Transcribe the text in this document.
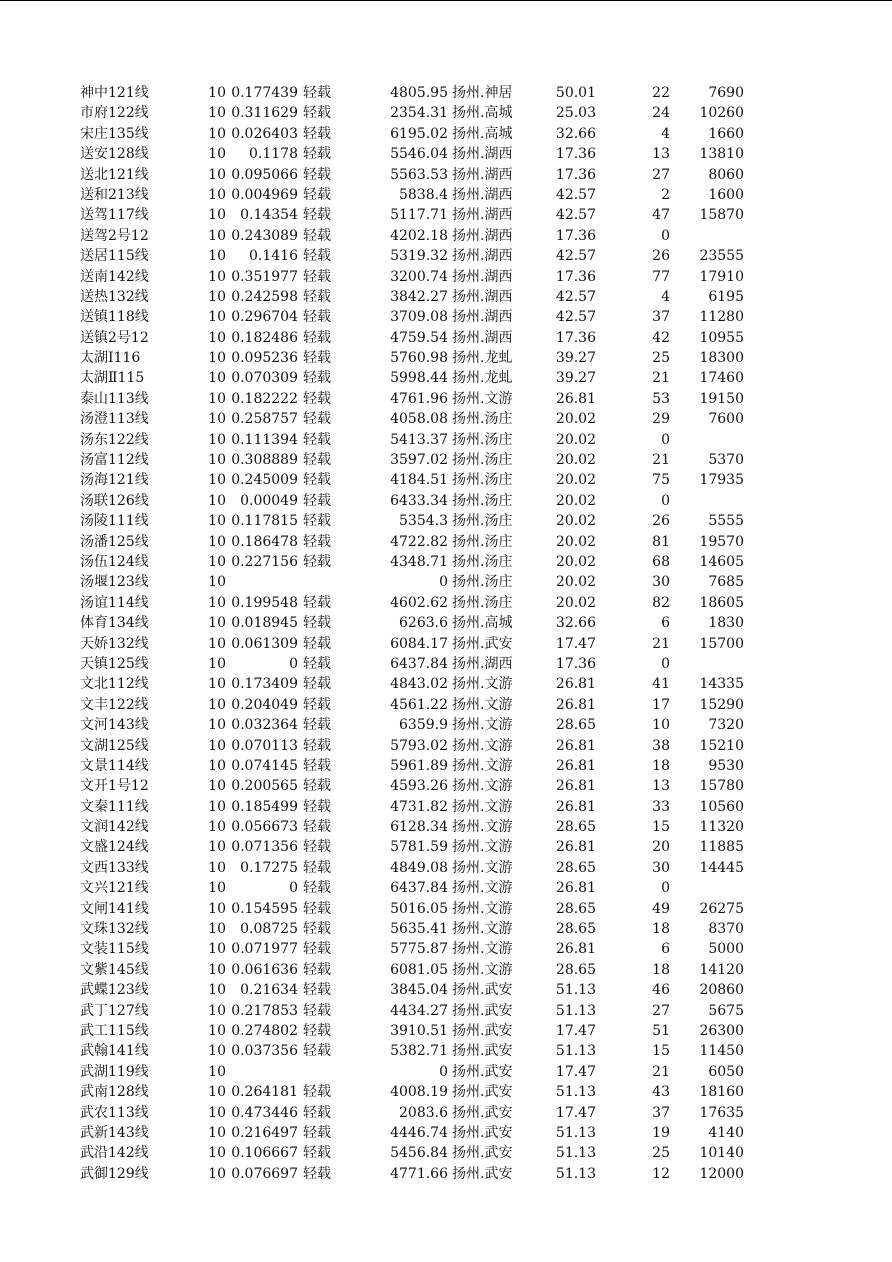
神中121线	10 0.177439 轻载	4805.95 扬州.神居	50.01	22	7690
市府122线	10 0.311629 轻载	2354.31 扬州.高城	25.03	24	10260
宋庄135线	10 0.026403 轻载	6195.02 扬州.高城	32.66	4	1660
送安128线	10	0.1178 轻载	5546.04 扬州.湖西	17.36	13	13810
送北121线	10 0.095066 轻载	5563.53 扬州.湖西	17.36	27	8060
送和213线	10 0.004969 轻载	5838.4 扬州.湖西	42.57	2	1600
送驾117线	10	0.14354 轻载	5117.71 扬州.湖西	42.57	47	15870
送驾2号12	10 0.243089 轻载	4202.18 扬州.湖西	17.36	0
送居115线	10	0.1416 轻载	5319.32 扬州.湖西	42.57	26	23555
送南142线	10 0.351977 轻载	3200.74 扬州.湖西	17.36	77	17910
送热132线	10 0.242598 轻载	3842.27 扬州.湖西	42.57	4	6195
送镇118线	10 0.296704 轻载	3709.08 扬州.湖西	42.57	37	11280
送镇2号12	10 0.182486 轻载	4759.54 扬州.湖西	17.36	42	10955
太湖Ⅰ116	10 0.095236 轻载	5760.98 扬州.龙虬	39.27	25	18300
太湖Ⅱ115	10 0.070309 轻载	5998.44 扬州.龙虬	39.27	21	17460
泰山113线	10 0.182222 轻载	4761.96 扬州.文游	26.81	53	19150
汤澄113线	10 0.258757 轻载	4058.08 扬州.汤庄	20.02	29	7600
汤东122线	10 0.111394 轻载	5413.37 扬州.汤庄	20.02	0
汤富112线	10 0.308889 轻载	3597.02 扬州.汤庄	20.02	21	5370
汤海121线	10 0.245009 轻载	4184.51 扬州.汤庄	20.02	75	17935
汤联126线	10	0.00049 轻载	6433.34 扬州.汤庄	20.02	0
汤陵111线	10 0.117815 轻载	5354.3 扬州.汤庄	20.02	26	5555
汤潘125线	10 0.186478 轻载	4722.82 扬州.汤庄	20.02	81	19570
汤伍124线	10 0.227156 轻载	4348.71 扬州.汤庄	20.02	68	14605
汤堰123线	10	0 扬州.汤庄	20.02	30	7685
汤谊114线	10 0.199548 轻载	4602.62 扬州.汤庄	20.02	82	18605
体育134线	10 0.018945 轻载	6263.6 扬州.高城	32.66	6	1830
天娇132线	10 0.061309 轻载	6084.17 扬州.武安	17.47	21	15700
天镇125线	10	0 轻载	6437.84 扬州.湖西	17.36	0
文北112线	10 0.173409 轻载	4843.02 扬州.文游	26.81	41	14335
文丰122线	10 0.204049 轻载	4561.22 扬州.文游	26.81	17	15290
文河143线	10 0.032364 轻载	6359.9 扬州.文游	28.65	10	7320
文湖125线	10 0.070113 轻载	5793.02 扬州.文游	26.81	38	15210
文景114线	10 0.074145 轻载	5961.89 扬州.文游	26.81	18	9530
文开1号12	10 0.200565 轻载	4593.26 扬州.文游	26.81	13	15780
文秦111线	10 0.185499 轻载	4731.82 扬州.文游	26.81	33	10560
文润142线	10 0.056673 轻载	6128.34 扬州.文游	28.65	15	11320
文盛124线	10 0.071356 轻载	5781.59 扬州.文游	26.81	20	11885
文西133线	10	0.17275 轻载	4849.08 扬州.文游	28.65	30	14445
文兴121线	10	0 轻载	6437.84 扬州.文游	26.81	0
文闸141线	10 0.154595 轻载	5016.05 扬州.文游	28.65	49	26275
文珠132线	10	0.08725 轻载	5635.41 扬州.文游	28.65	18	8370
文装115线	10 0.071977 轻载	5775.87 扬州.文游	26.81	6	5000
文紫145线	10 0.061636 轻载	6081.05 扬州.文游	28.65	18	14120
武蝶123线	10	0.21634 轻载	3845.04 扬州.武安	51.13	46	20860
武丁127线	10 0.217853 轻载	4434.27 扬州.武安	51.13	27	5675
武工115线	10 0.274802 轻载	3910.51 扬州.武安	17.47	51	26300
武翰141线	10 0.037356 轻载	5382.71 扬州.武安	51.13	15	11450
武湖119线	10	0 扬州.武安	17.47	21	6050
武南128线	10 0.264181 轻载	4008.19 扬州.武安	51.13	43	18160
武农113线	10 0.473446 轻载	2083.6 扬州.武安	17.47	37	17635
武新143线	10 0.216497 轻载	4446.74 扬州.武安	51.13	19	4140
武沿142线	10 0.106667 轻载	5456.84 扬州.武安	51.13	25	10140
武御129线	10 0.076697 轻载	4771.66 扬州.武安	51.13	12	12000
